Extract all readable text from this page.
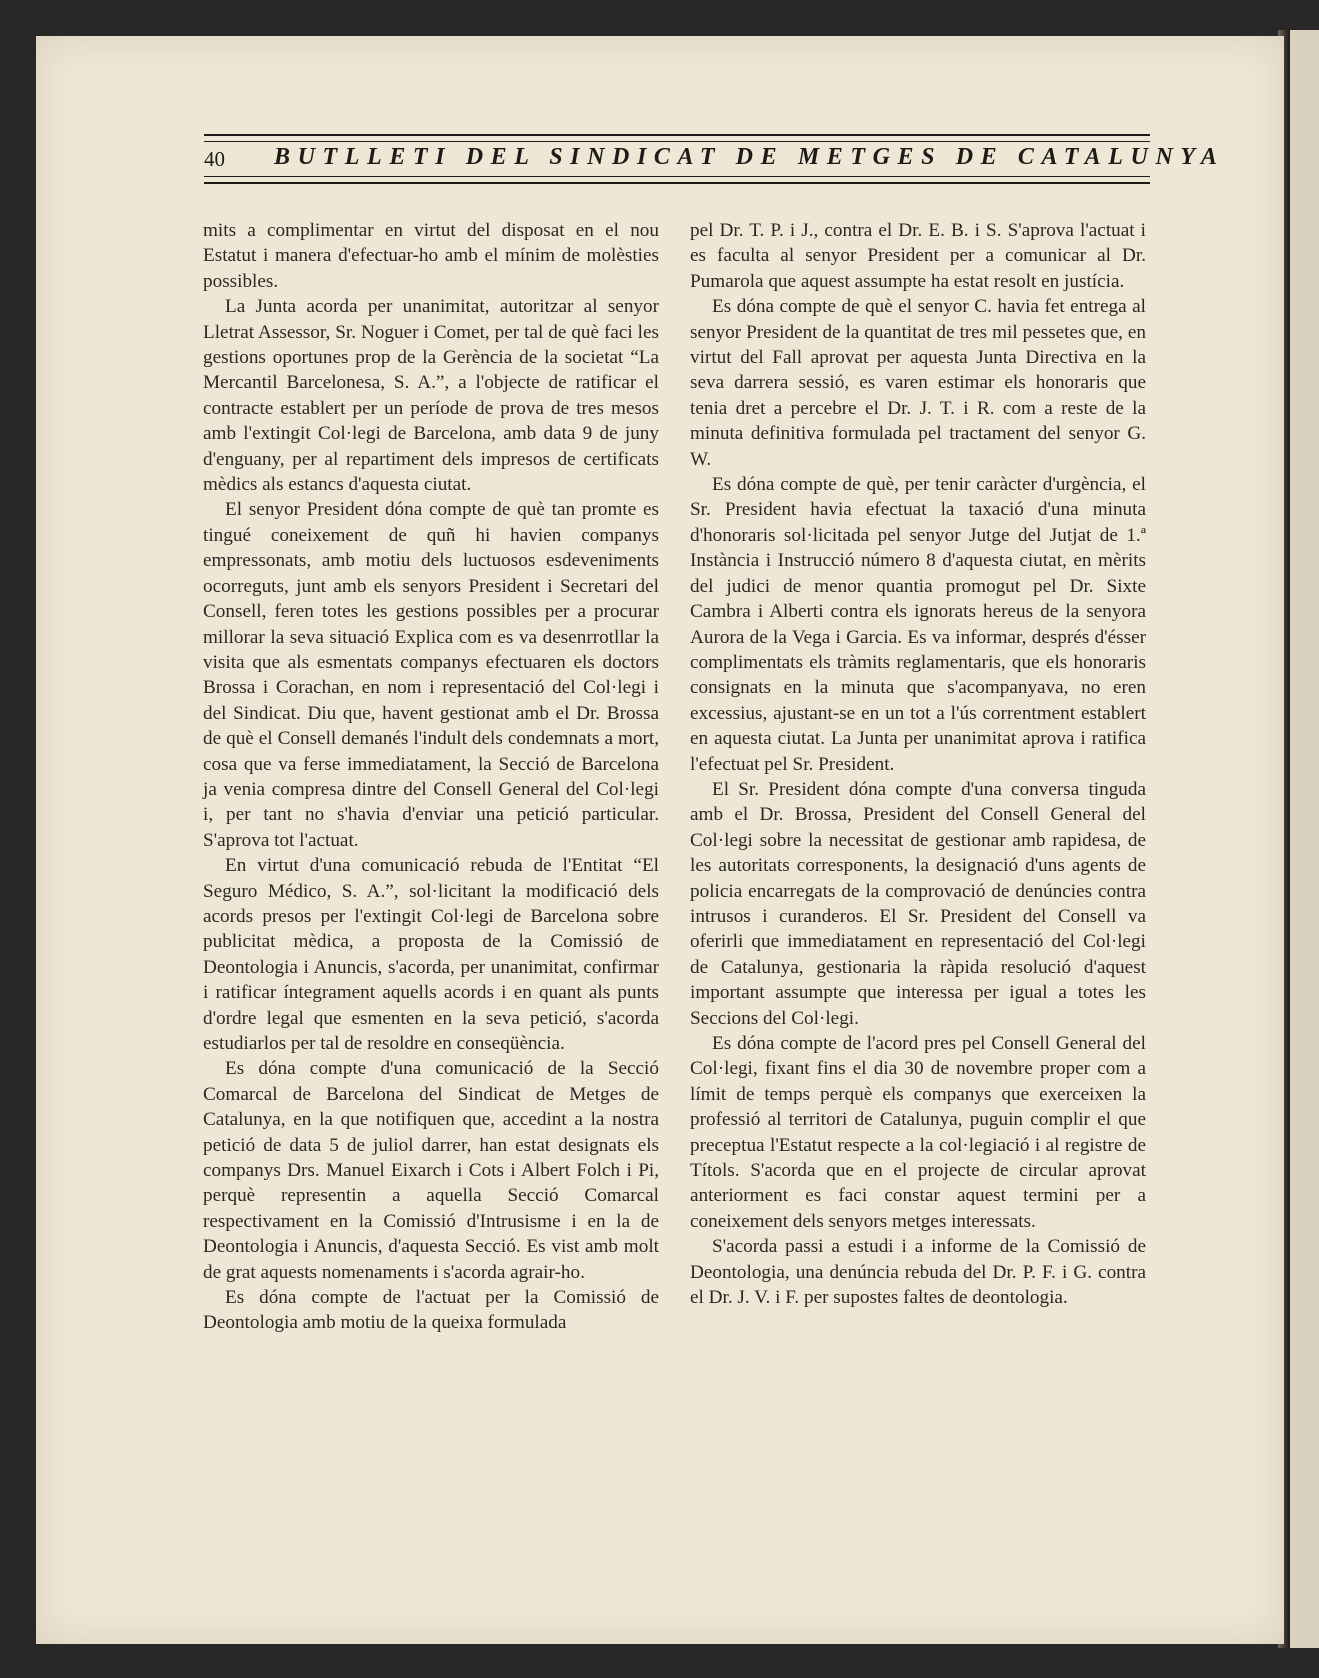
40 BUTLLETI DEL SINDICAT DE METGES DE CATALUNYA

mits a complimentar en virtut del disposat en el nou Estatut i manera d'efectuar-ho amb el mínim de molèsties possibles.

La Junta acorda per unanimitat, autoritzar al senyor Lletrat Assessor, Sr. Noguer i Comet, per tal de què faci les gestions oportunes prop de la Gerència de la societat “La Mercantil Barcelonesa, S. A.”, a l'objecte de ratificar el contracte establert per un període de prova de tres mesos amb l'extingit Col·legi de Barcelona, amb data 9 de juny d'enguany, per al repartiment dels impresos de certificats mèdics als estancs d'aquesta ciutat.

El senyor President dóna compte de què tan promte es tingué coneixement de quñ hi havien companys empressonats, amb motiu dels luctuosos esdeveniments ocorreguts, junt amb els senyors President i Secretari del Consell, feren totes les gestions possibles per a procurar millorar la seva situació Explica com es va desenrrotllar la visita que als esmentats companys efectuaren els doctors Brossa i Corachan, en nom i representació del Col·legi i del Sindicat. Diu que, havent gestionat amb el Dr. Brossa de què el Consell demanés l'indult dels condemnats a mort, cosa que va ferse immediatament, la Secció de Barcelona ja venia compresa dintre del Consell General del Col·legi i, per tant no s'havia d'enviar una petició particular. S'aprova tot l'actuat.

En virtut d'una comunicació rebuda de l'Entitat “El Seguro Médico, S. A.”, sol·licitant la modificació dels acords presos per l'extingit Col·legi de Barcelona sobre publicitat mèdica, a proposta de la Comissió de Deontologia i Anuncis, s'acorda, per unanimitat, confirmar i ratificar íntegrament aquells acords i en quant als punts d'ordre legal que esmenten en la seva petició, s'acorda estudiarlos per tal de resoldre en conseqüència.

Es dóna compte d'una comunicació de la Secció Comarcal de Barcelona del Sindicat de Metges de Catalunya, en la que notifiquen que, accedint a la nostra petició de data 5 de juliol darrer, han estat designats els companys Drs. Manuel Eixarch i Cots i Albert Folch i Pi, perquè representin a aquella Secció Comarcal respectivament en la Comissió d'Intrusisme i en la de Deontologia i Anuncis, d'aquesta Secció. Es vist amb molt de grat aquests nomenaments i s'acorda agrair-ho.

Es dóna compte de l'actuat per la Comissió de Deontologia amb motiu de la queixa formulada

pel Dr. T. P. i J., contra el Dr. E. B. i S. S'aprova l'actuat i es faculta al senyor President per a comunicar al Dr. Pumarola que aquest assumpte ha estat resolt en justícia.

Es dóna compte de què el senyor C. havia fet entrega al senyor President de la quantitat de tres mil pessetes que, en virtut del Fall aprovat per aquesta Junta Directiva en la seva darrera sessió, es varen estimar els honoraris que tenia dret a percebre el Dr. J. T. i R. com a reste de la minuta definitiva formulada pel tractament del senyor G. W.

Es dóna compte de què, per tenir caràcter d'urgència, el Sr. President havia efectuat la taxació d'una minuta d'honoraris sol·licitada pel senyor Jutge del Jutjat de 1.ª Instància i Instrucció número 8 d'aquesta ciutat, en mèrits del judici de menor quantia promogut pel Dr. Sixte Cambra i Alberti contra els ignorats hereus de la senyora Aurora de la Vega i Garcia. Es va informar, després d'ésser complimentats els tràmits reglamentaris, que els honoraris consignats en la minuta que s'acompanyava, no eren excessius, ajustant-se en un tot a l'ús correntment establert en aquesta ciutat. La Junta per unanimitat aprova i ratifica l'efectuat pel Sr. President.

El Sr. President dóna compte d'una conversa tinguda amb el Dr. Brossa, President del Consell General del Col·legi sobre la necessitat de gestionar amb rapidesa, de les autoritats corresponents, la designació d'uns agents de policia encarregats de la comprovació de denúncies contra intrusos i curanderos. El Sr. President del Consell va oferirli que immediatament en representació del Col·legi de Catalunya, gestionaria la ràpida resolució d'aquest important assumpte que interessa per igual a totes les Seccions del Col·legi.

Es dóna compte de l'acord pres pel Consell General del Col·legi, fixant fins el dia 30 de novembre proper com a límit de temps perquè els companys que exerceixen la professió al territori de Catalunya, puguin complir el que preceptua l'Estatut respecte a la col·legiació i al registre de Títols. S'acorda que en el projecte de circular aprovat anteriorment es faci constar aquest termini per a coneixement dels senyors metges interessats.

S'acorda passi a estudi i a informe de la Comissió de Deontologia, una denúncia rebuda del Dr. P. F. i G. contra el Dr. J. V. i F. per supostes faltes de deontologia.
